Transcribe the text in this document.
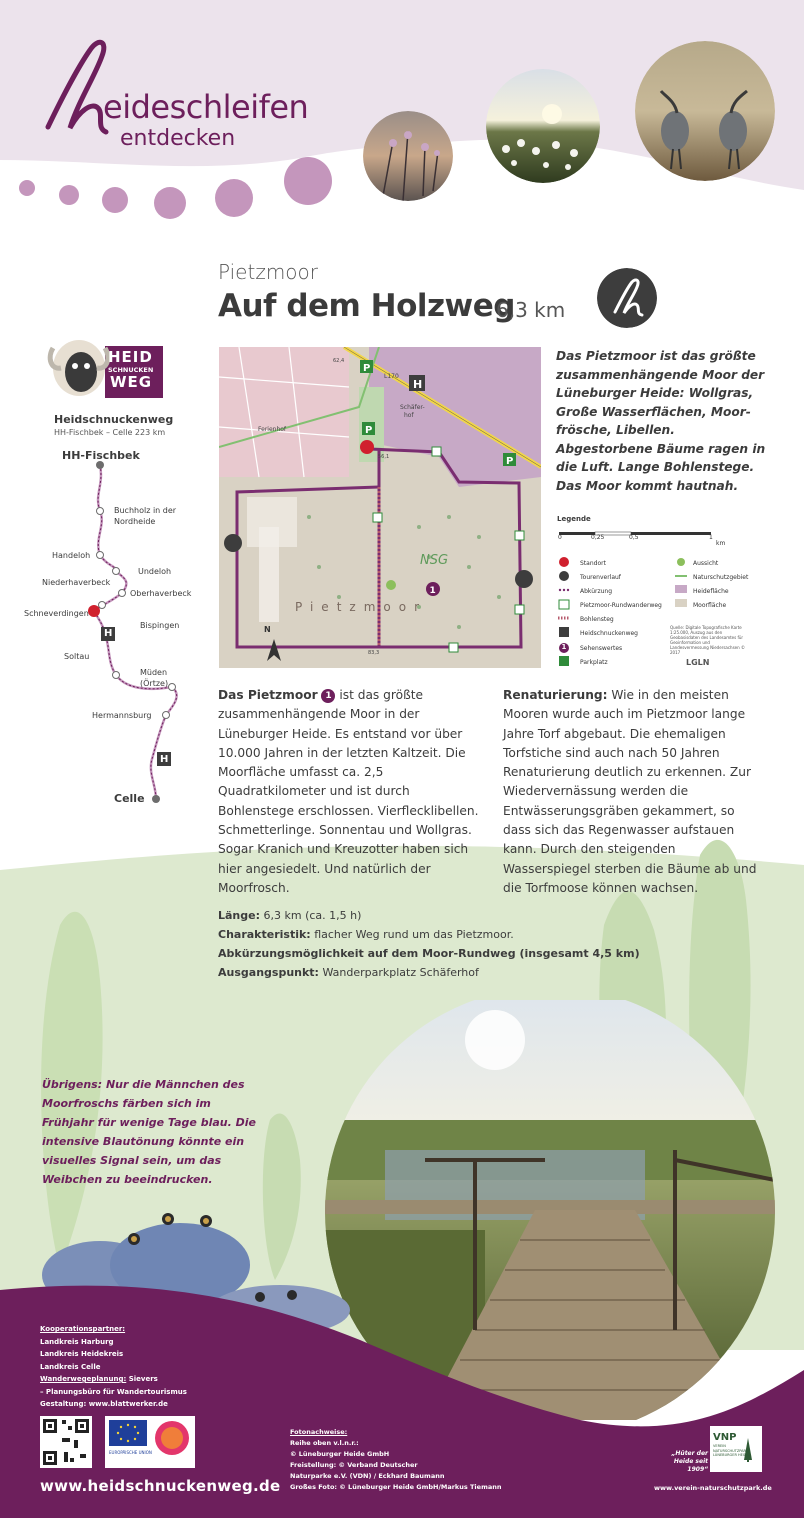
eideschleifen
entdecken
Pietzmoor
Auf dem Holzweg
6,3 km
HEID
SCHNUCKEN
WEG
Heidschnuckenweg
HH-Fischbek – Celle 223 km
H
H
HH-Fischbek
Buchholz in der
Nordheide
Handeloh
Undeloh
Niederhaverbeck
Oberhaverbeck
Schneverdingen
Bispingen
Soltau
Müden
(Örtze)
Hermannsburg
Celle
P
P
P
H
1
Ferienhof
Schäfer-
hof
L170
NSG
Pietzmoor
56,1
83,3
62,4
N
Das Pietzmoor ist das größte zusammenhängende Moor der Lüneburger Heide: Wollgras, Große Wasserflächen, Moorfrösche, Libellen. Abgestorbene Bäume ragen in die Luft. Lange Bohlenstege. Das Moor kommt hautnah.
Legende
0	0,25	0,5	1
km
Standort
Tourenverlauf
Abkürzung
Pietzmoor-Rundwanderweg
Bohlensteg
Heidschnuckenweg
Sehenswertes
Parkplatz
Aussicht
Naturschutzgebiet
Heidefläche
Moorfläche
1
Quelle: Digitale Topografische Karte 1:25.000, Auszug aus den Geobasisdaten des Landesamtes für Geoinformation und Landesvermessung Niedersachsen © 2017
LGLN
Das Pietzmoor 1 ist das größte zusammenhängende Moor in der Lüneburger Heide. Es entstand vor über 10.000 Jahren in der letzten Kaltzeit. Die Moorfläche umfasst ca. 2,5 Quadratkilometer und ist durch Bohlenstege erschlossen. Vierflecklibellen. Schmetterlinge. Sonnentau und Wollgras. Sogar Kranich und Kreuzotter haben sich hier angesiedelt. Und natürlich der Moorfrosch.
Renaturierung: Wie in den meisten Mooren wurde auch im Pietzmoor lange Jahre Torf abgebaut. Die ehemaligen Torfstiche sind auch nach 50 Jahren Renaturierung deutlich zu erkennen. Zur Wiedervernässung werden die Entwässerungsgräben gekammert, so dass sich das Regenwasser aufstauen kann. Durch den steigenden Wasserspiegel sterben die Bäume ab und die Torfmoose können wachsen.
Länge: 6,3 km (ca. 1,5 h)
Charakteristik: flacher Weg rund um das Pietzmoor.
Abkürzungsmöglichkeit auf dem Moor-Rundweg (insgesamt 4,5 km)
Ausgangspunkt: Wanderparkplatz Schäferhof
Übrigens: Nur die Männchen des Moorfroschs färben sich im Frühjahr für wenige Tage blau. Die intensive Blautönung könnte ein visuelles Signal sein, um das Weibchen zu beeindrucken.
Kooperationspartner:
Landkreis Harburg
Landkreis Heidekreis
Landkreis Celle
Wanderwegeplanung: Sievers
– Planungsbüro für Wandertourismus
Gestaltung: www.blattwerker.de
EUROPÄISCHE UNION
Fotonachweise:
Reihe oben v.l.n.r.:
© Lüneburger Heide GmbH
Freistellung: © Verband Deutscher
Naturparke e.V. (VDN) / Eckhard Baumann
Großes Foto: © Lüneburger Heide GmbH/Markus Tiemann
www.heidschnuckenweg.de
„Hüter der Heide seit 1909“
VNP
VEREIN NATURSCHUTZPARK LÜNEBURGER HEIDE
www.verein-naturschutzpark.de
